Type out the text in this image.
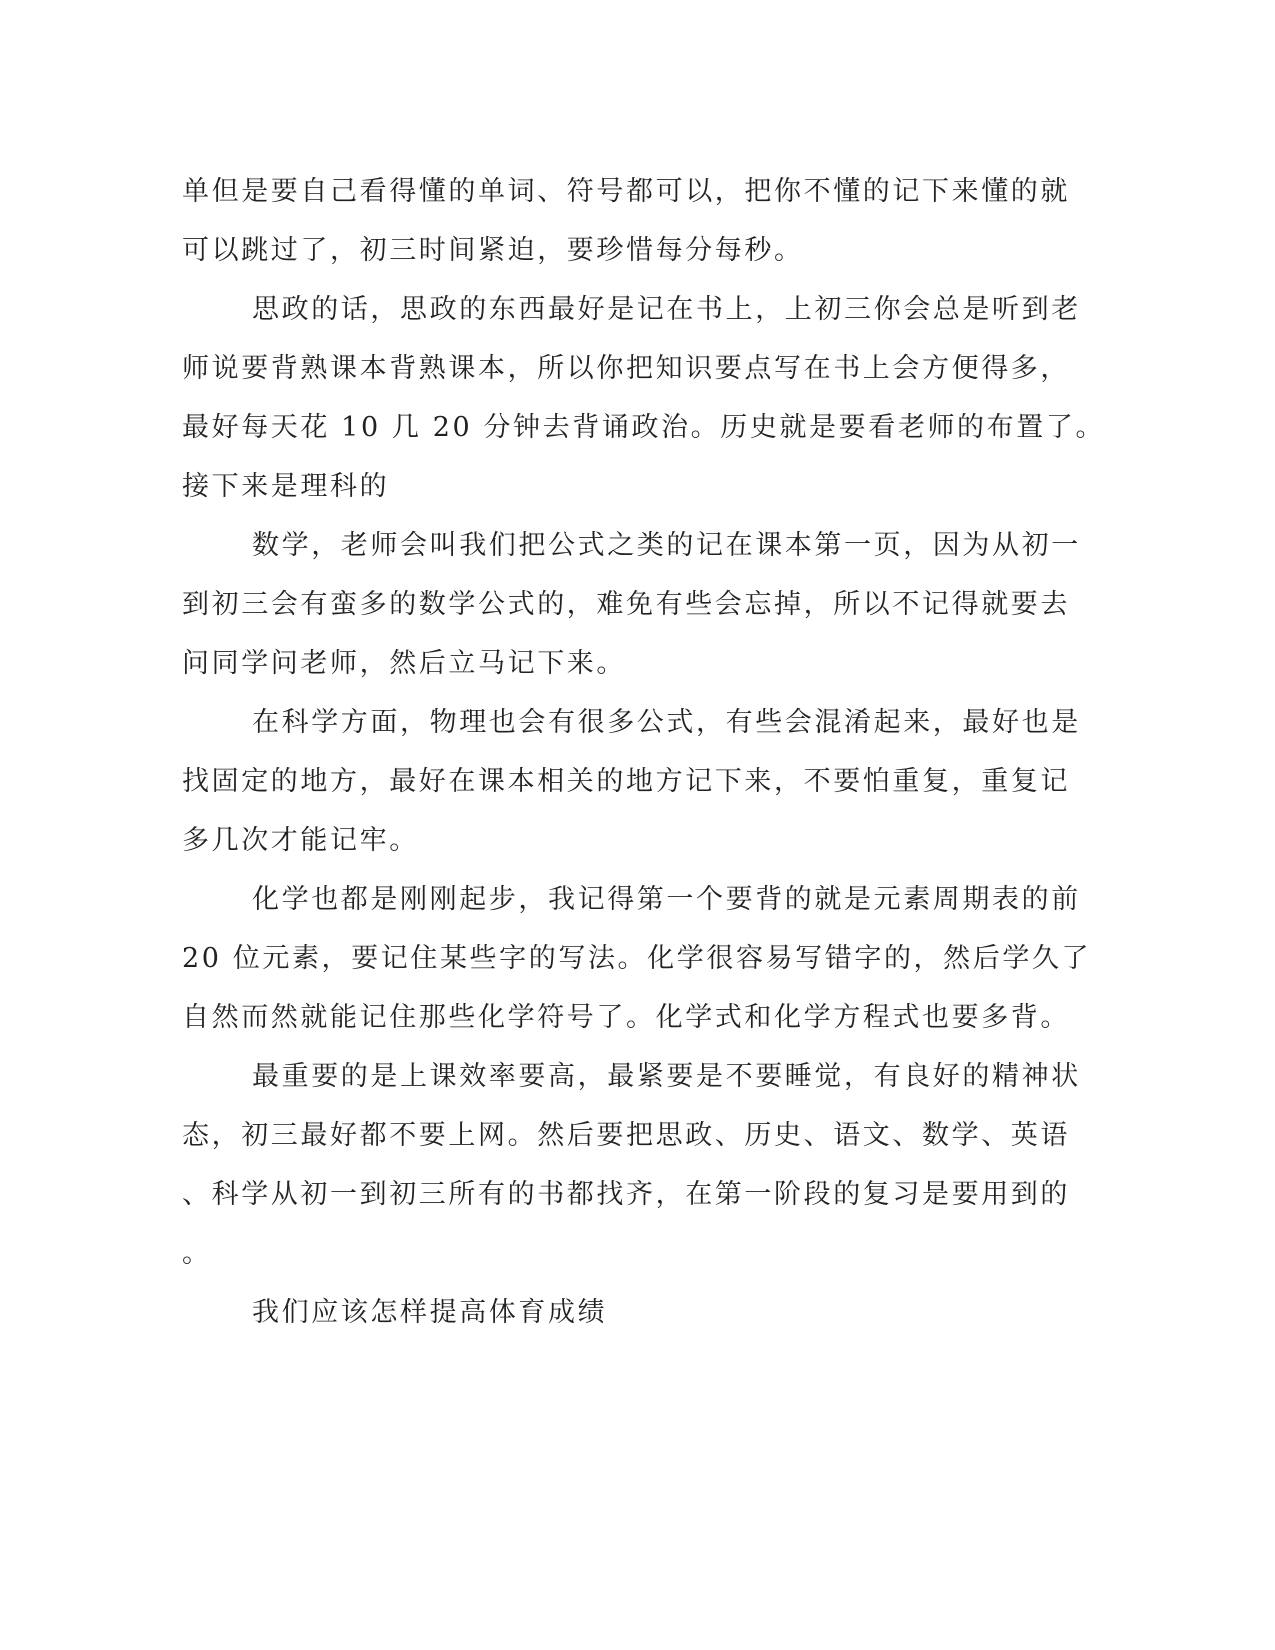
单但是要自己看得懂的单词、符号都可以，把你不懂的记下来懂的就
可以跳过了，初三时间紧迫，要珍惜每分每秒。

思政的话，思政的东西最好是记在书上，上初三你会总是听到老
师说要背熟课本背熟课本，所以你把知识要点写在书上会方便得多，
最好每天花 10 几 20 分钟去背诵政治。历史就是要看老师的布置了。
接下来是理科的

数学，老师会叫我们把公式之类的记在课本第一页，因为从初一
到初三会有蛮多的数学公式的，难免有些会忘掉，所以不记得就要去
问同学问老师，然后立马记下来。

在科学方面，物理也会有很多公式，有些会混淆起来，最好也是
找固定的地方，最好在课本相关的地方记下来，不要怕重复，重复记
多几次才能记牢。

化学也都是刚刚起步，我记得第一个要背的就是元素周期表的前
20 位元素，要记住某些字的写法。化学很容易写错字的，然后学久了
自然而然就能记住那些化学符号了。化学式和化学方程式也要多背。

最重要的是上课效率要高，最紧要是不要睡觉，有良好的精神状
态，初三最好都不要上网。然后要把思政、历史、语文、数学、英语
、科学从初一到初三所有的书都找齐，在第一阶段的复习是要用到的
。

我们应该怎样提高体育成绩
